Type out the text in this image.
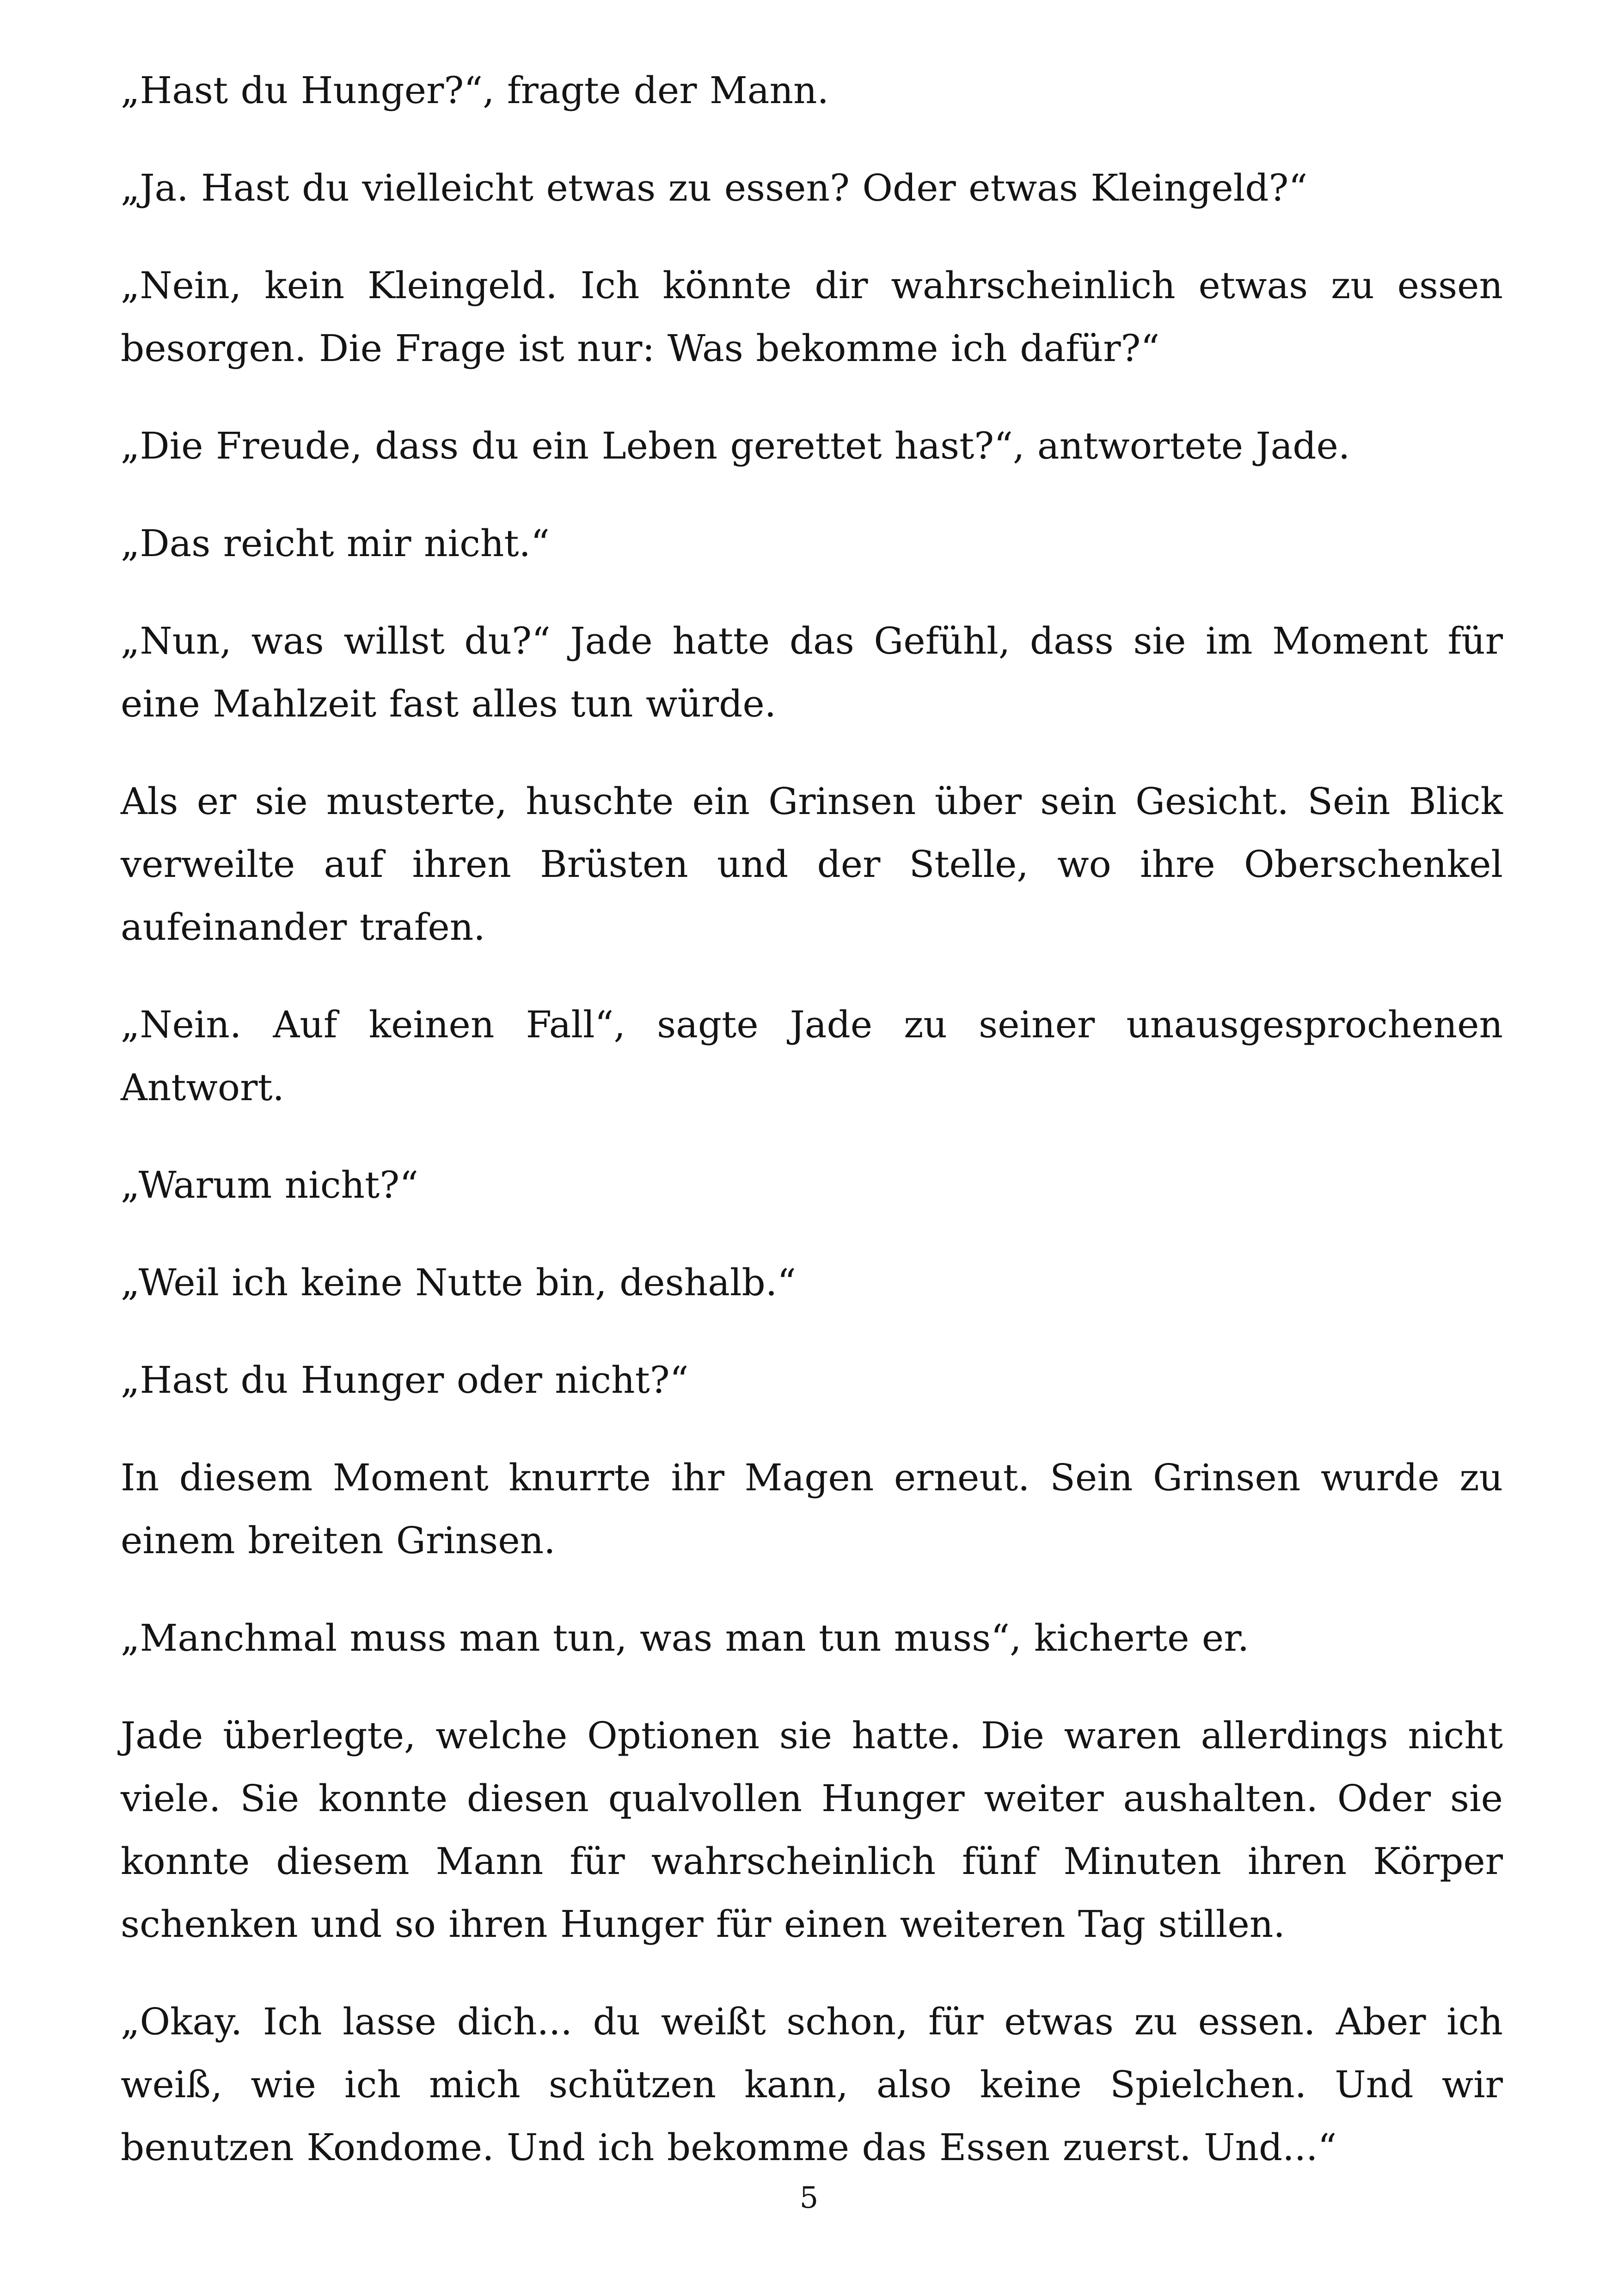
„Hast du Hunger?“, fragte der Mann.

„Ja. Hast du vielleicht etwas zu essen? Oder etwas Kleingeld?“

„Nein, kein Kleingeld. Ich könnte dir wahrscheinlich etwas zu essen besorgen. Die Frage ist nur: Was bekomme ich dafür?“

„Die Freude, dass du ein Leben gerettet hast?“, antwortete Jade.

„Das reicht mir nicht.“

„Nun, was willst du?“ Jade hatte das Gefühl, dass sie im Moment für eine Mahlzeit fast alles tun würde.

Als er sie musterte, huschte ein Grinsen über sein Gesicht. Sein Blick verweilte auf ihren Brüsten und der Stelle, wo ihre Oberschenkel aufeinander trafen.

„Nein. Auf keinen Fall“, sagte Jade zu seiner unausgesprochenen Antwort.

„Warum nicht?“

„Weil ich keine Nutte bin, deshalb.“

„Hast du Hunger oder nicht?“

In diesem Moment knurrte ihr Magen erneut. Sein Grinsen wurde zu einem breiten Grinsen.

„Manchmal muss man tun, was man tun muss“, kicherte er.

Jade überlegte, welche Optionen sie hatte. Die waren allerdings nicht viele. Sie konnte diesen qualvollen Hunger weiter aushalten. Oder sie konnte diesem Mann für wahrscheinlich fünf Minuten ihren Körper schenken und so ihren Hunger für einen weiteren Tag stillen.

„Okay. Ich lasse dich... du weißt schon, für etwas zu essen. Aber ich weiß, wie ich mich schützen kann, also keine Spielchen. Und wir benutzen Kondome. Und ich bekomme das Essen zuerst. Und...“

5
